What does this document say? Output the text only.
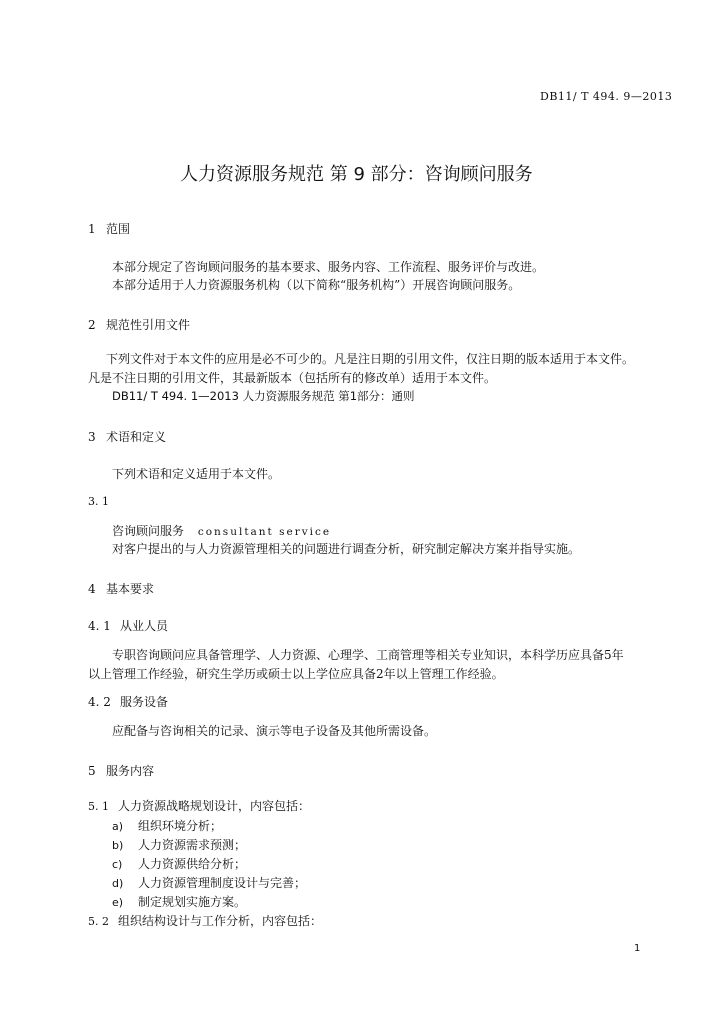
DB11/ T 494. 9—2013
人力资源服务规范 第 9 部分：咨询顾问服务
1 范围
本部分规定了咨询顾问服务的基本要求、服务内容、工作流程、服务评价与改进。
本部分适用于人力资源服务机构（以下简称“服务机构”）开展咨询顾问服务。
2 规范性引用文件
下列文件对于本文件的应用是必不可少的。凡是注日期的引用文件，仅注日期的版本适用于本文件。
凡是不注日期的引用文件，其最新版本（包括所有的修改单）适用于本文件。
DB11/ T 494. 1—2013 人力资源服务规范 第1部分：通则
3 术语和定义
下列术语和定义适用于本文件。
3. 1
咨询顾问服务 consultant service
对客户提出的与人力资源管理相关的问题进行调查分析，研究制定解决方案并指导实施。
4 基本要求
4. 1 从业人员
专职咨询顾问应具备管理学、人力资源、心理学、工商管理等相关专业知识，本科学历应具备5年
以上管理工作经验，研究生学历或硕士以上学位应具备2年以上管理工作经验。
4. 2 服务设备
应配备与咨询相关的记录、演示等电子设备及其他所需设备。
5 服务内容
5. 1 人力资源战略规划设计，内容包括：
a) 组织环境分析；
b) 人力资源需求预测；
c) 人力资源供给分析；
d) 人力资源管理制度设计与完善；
e) 制定规划实施方案。
5. 2 组织结构设计与工作分析，内容包括：
1
